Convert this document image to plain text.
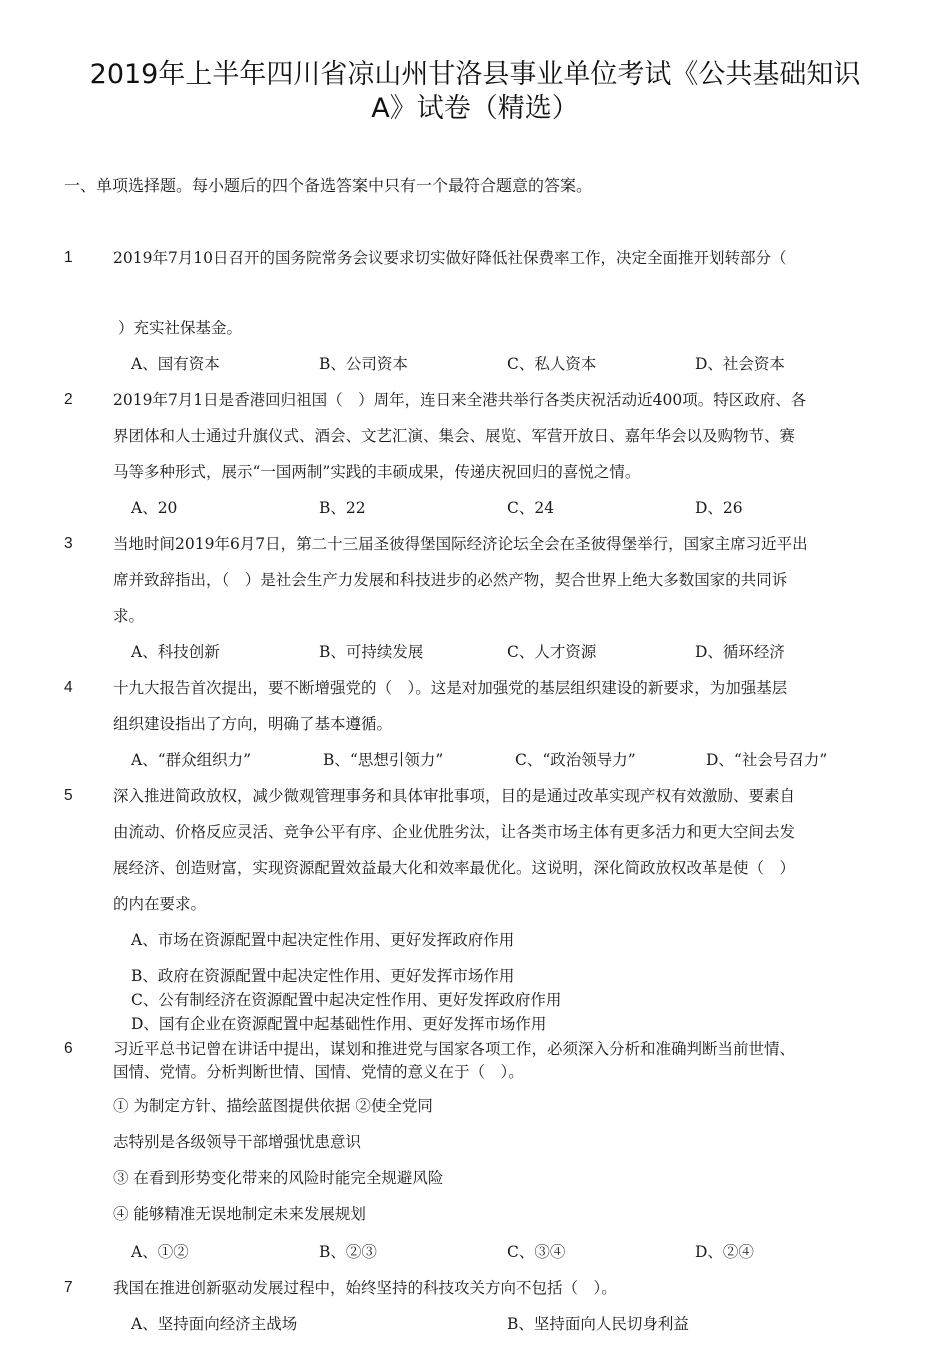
2019年上半年四川省凉山州甘洛县事业单位考试《公共基础知识
A》试卷（精选）
一、单项选择题。每小题后的四个备选答案中只有一个最符合题意的答案。
1	2019年7月10日召开的国务院常务会议要求切实做好降低社保费率工作，决定全面推开划转部分（
）充实社保基金。
A、国有资本	B、公司资本	C、私人资本	D、社会资本
2	2019年7月1日是香港回归祖国（　）周年，连日来全港共举行各类庆祝活动近400项。特区政府、各
界团体和人士通过升旗仪式、酒会、文艺汇演、集会、展览、军营开放日、嘉年华会以及购物节、赛
马等多种形式，展示“一国两制”实践的丰硕成果，传递庆祝回归的喜悦之情。
A、20	B、22	C、24	D、26
3	当地时间2019年6月7日，第二十三届圣彼得堡国际经济论坛全会在圣彼得堡举行，国家主席习近平出
席并致辞指出，（　）是社会生产力发展和科技进步的必然产物，契合世界上绝大多数国家的共同诉
求。
A、科技创新	B、可持续发展	C、人才资源	D、循环经济
4	十九大报告首次提出，要不断增强党的（　）。这是对加强党的基层组织建设的新要求，为加强基层
组织建设指出了方向，明确了基本遵循。
A、“群众组织力”	B、“思想引领力”	C、“政治领导力”	D、“社会号召力”
5	深入推进简政放权，减少微观管理事务和具体审批事项，目的是通过改革实现产权有效激励、要素自
由流动、价格反应灵活、竞争公平有序、企业优胜劣汰，让各类市场主体有更多活力和更大空间去发
展经济、创造财富，实现资源配置效益最大化和效率最优化。这说明，深化简政放权改革是使（　）
的内在要求。
A、市场在资源配置中起决定性作用、更好发挥政府作用
B、政府在资源配置中起决定性作用、更好发挥市场作用
C、公有制经济在资源配置中起决定性作用、更好发挥政府作用
D、国有企业在资源配置中起基础性作用、更好发挥市场作用
6	习近平总书记曾在讲话中提出，谋划和推进党与国家各项工作，必须深入分析和准确判断当前世情、
国情、党情。分析判断世情、国情、党情的意义在于（　）。
① 为制定方针、描绘蓝图提供依据 ②使全党同
志特别是各级领导干部增强忧患意识
③ 在看到形势变化带来的风险时能完全规避风险
④ 能够精准无误地制定未来发展规划
A、①②	B、②③	C、③④	D、②④
7	我国在推进创新驱动发展过程中，始终坚持的科技攻关方向不包括（　）。
A、坚持面向经济主战场	B、坚持面向人民切身利益
